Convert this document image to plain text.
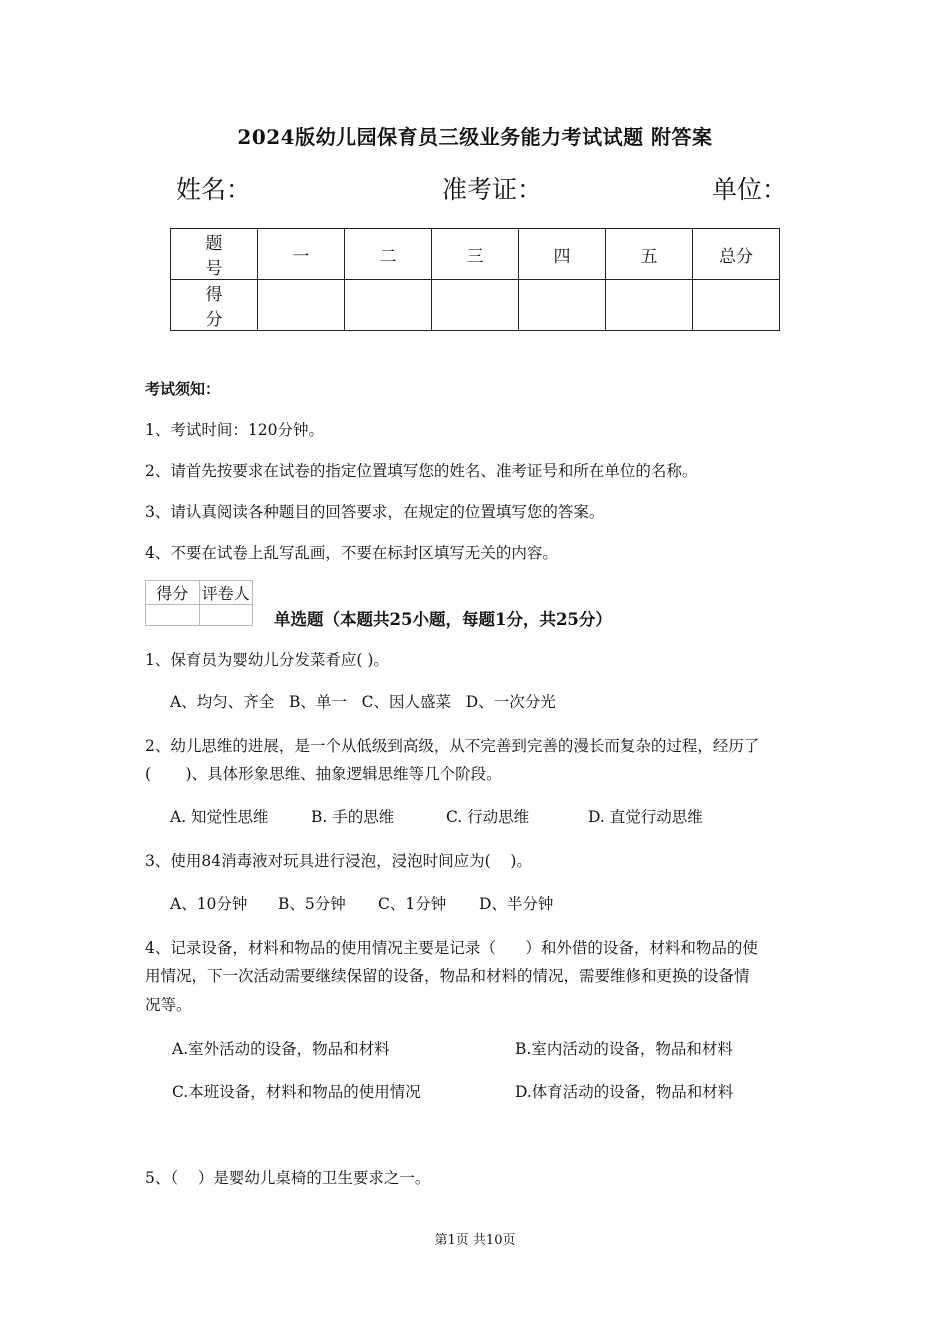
2024版幼儿园保育员三级业务能力考试试题 附答案
姓名：	准考证：	单位：
题 号	一	二	三	四	五	总分
得 分						
考试须知：
1、考试时间：120分钟。
2、请首先按要求在试卷的指定位置填写您的姓名、准考证号和所在单位的名称。
3、请认真阅读各种题目的回答要求，在规定的位置填写您的答案。
4、不要在试卷上乱写乱画，不要在标封区填写无关的内容。
得分	评卷人

单选题（本题共25小题，每题1分，共25分）
1、保育员为婴幼儿分发菜肴应( )。
A、均匀、齐全   B、单一   C、因人盛菜   D、一次分光
2、幼儿思维的进展，是一个从低级到高级，从不完善到完善的漫长而复杂的过程，经历了
(       )、具体形象思维、抽象逻辑思维等几个阶段。
A. 知觉性思维	B. 手的思维	C. 行动思维	D. 直觉行动思维
3、使用84消毒液对玩具进行浸泡，浸泡时间应为(    )。
A、10分钟 B、5分钟 C、1分钟 D、半分钟
4、记录设备，材料和物品的使用情况主要是记录（      ）和外借的设备，材料和物品的使
用情况，下一次活动需要继续保留的设备，物品和材料的情况，需要维修和更换的设备情
况等。
A.室外活动的设备，物品和材料	B.室内活动的设备，物品和材料
C.本班设备，材料和物品的使用情况	D.体育活动的设备，物品和材料
5、（    ）是婴幼儿桌椅的卫生要求之一。
第1页 共10页
